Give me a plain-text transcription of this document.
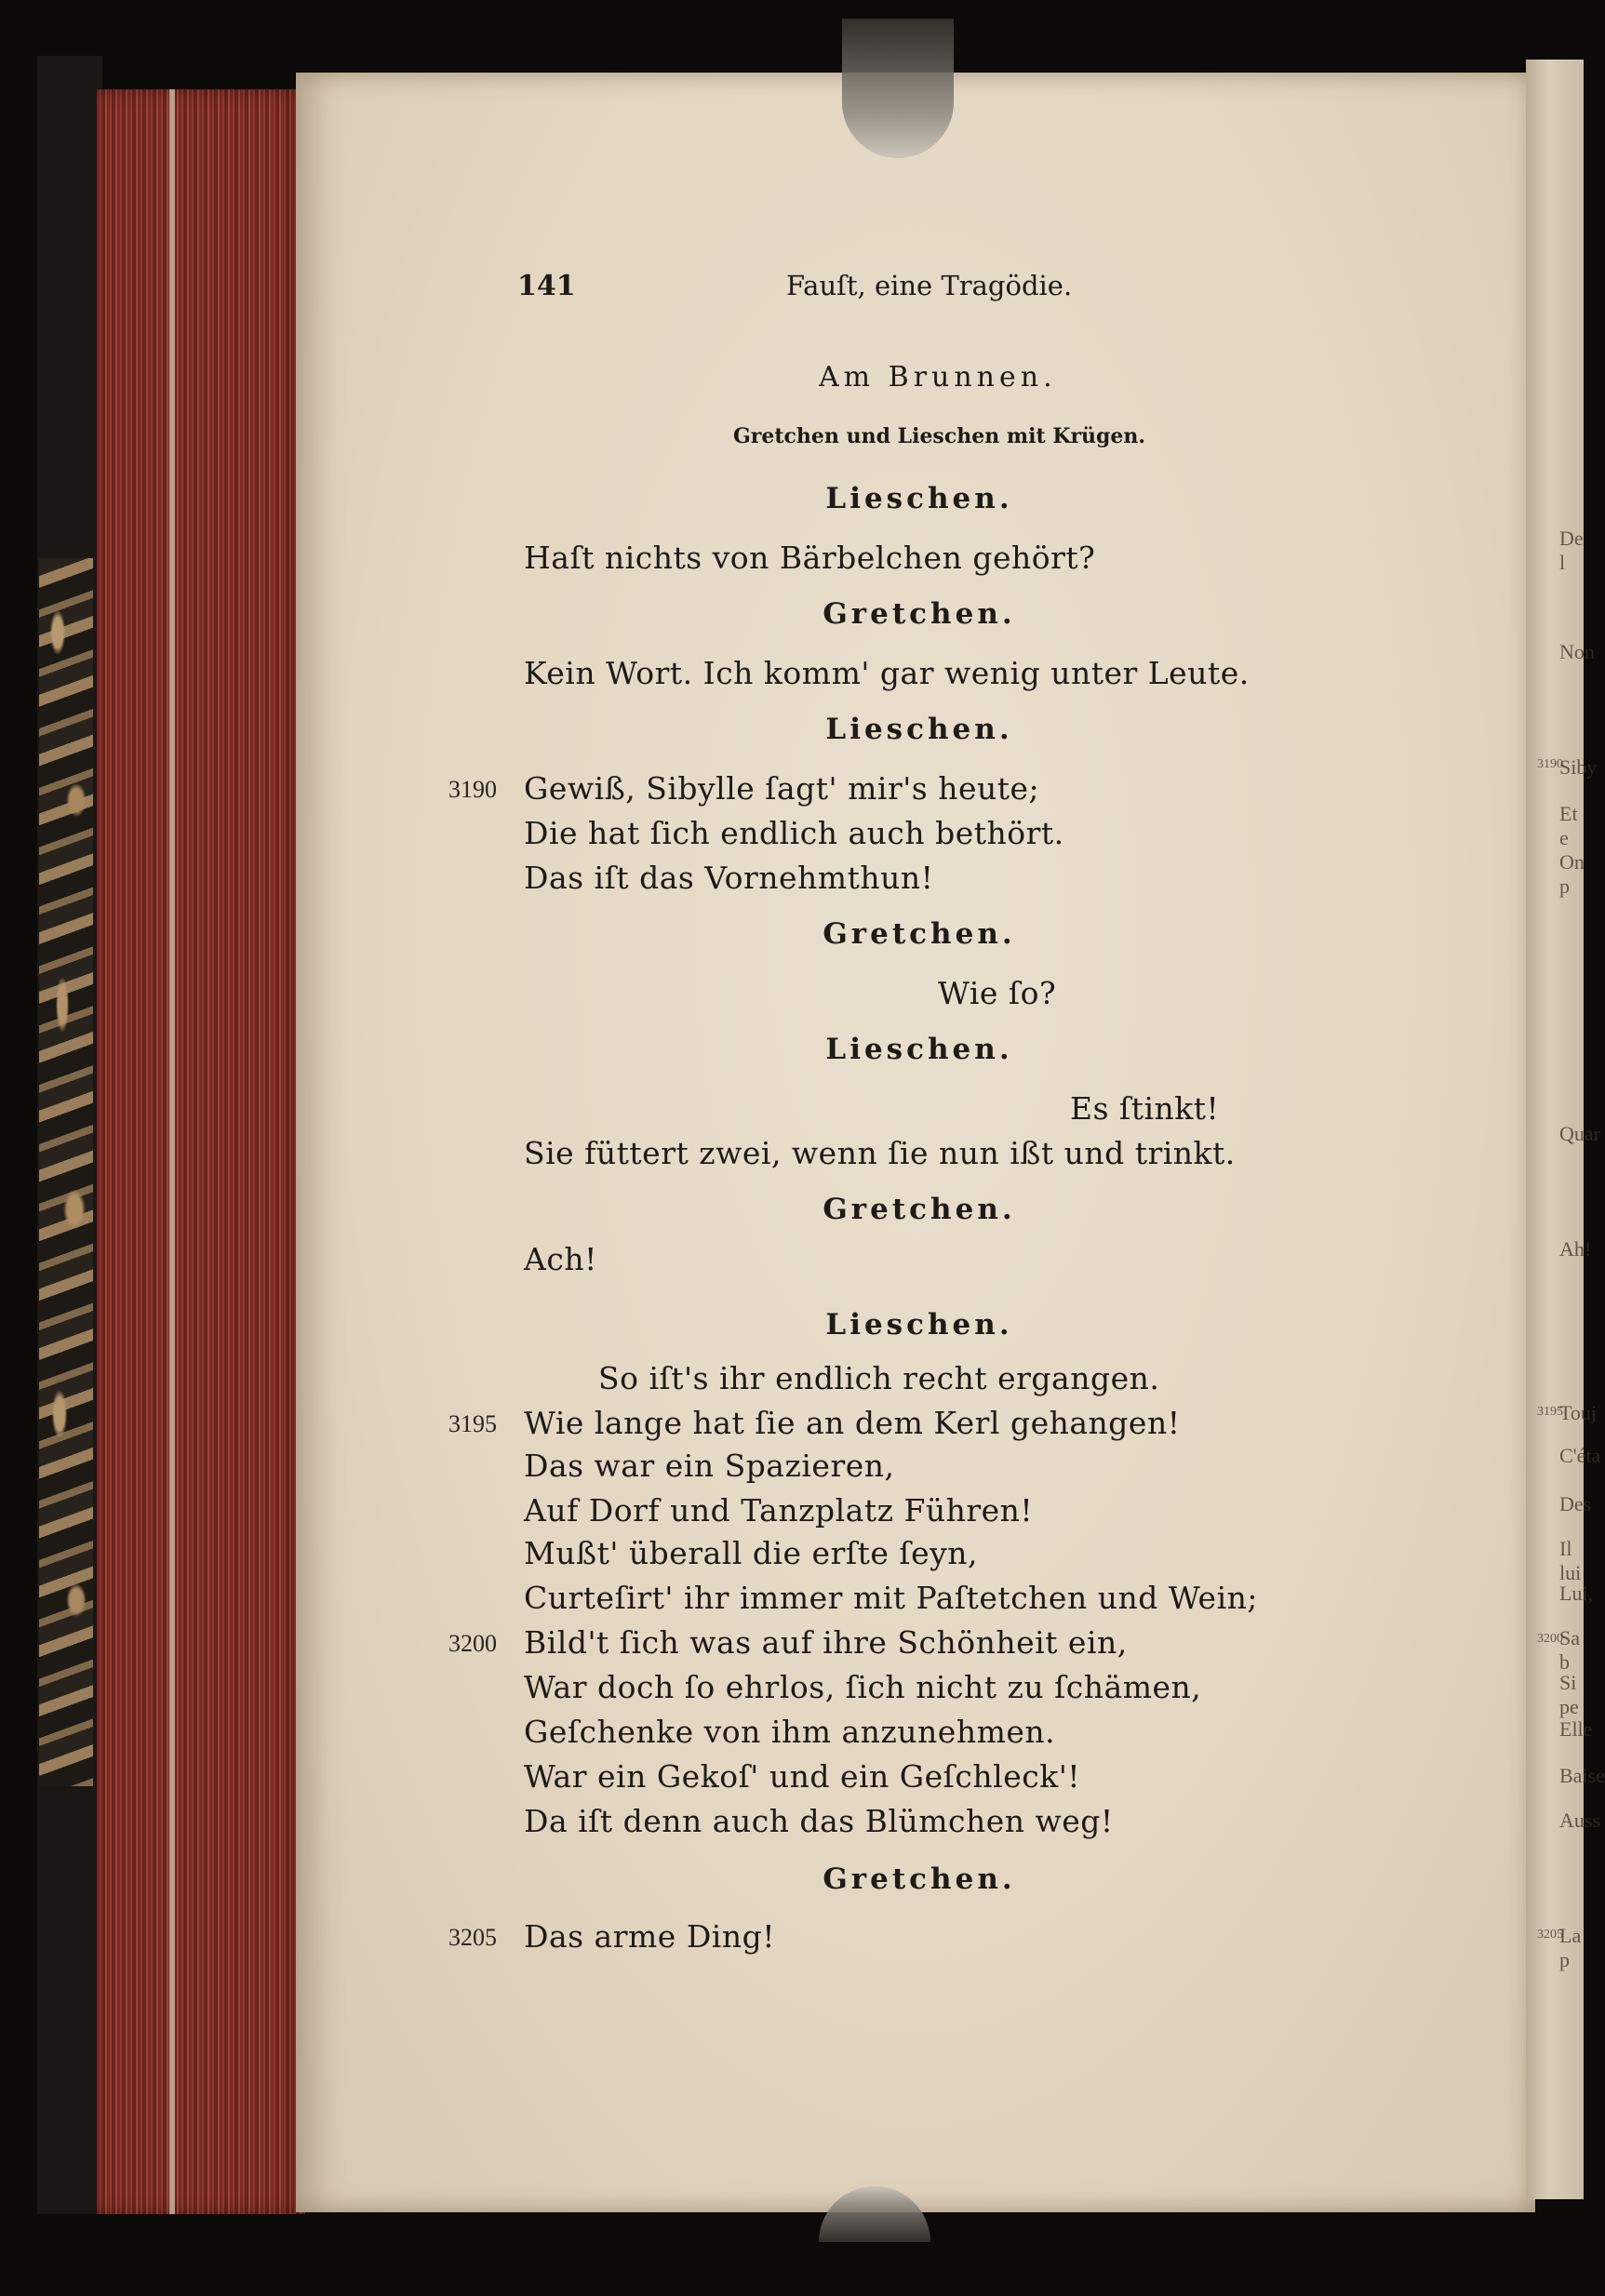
141	Fauſt, eine Tragödie.
Am Brunnen.
Gretchen und Lieschen mit Krügen.
Lieschen.
Haſt nichts von Bärbelchen gehört?
Gretchen.
Kein Wort. Ich komm' gar wenig unter Leute.
Lieschen.
Gewiß, Sibylle ſagt' mir's heute;
3190
Die hat ſich endlich auch bethört.
Das iſt das Vornehmthun!
Gretchen.
Wie ſo?
Lieschen.
Es ſtinkt!
Sie füttert zwei, wenn ſie nun ißt und trinkt.
Gretchen.
Ach!
Lieschen.
So iſt's ihr endlich recht ergangen.
Wie lange hat ſie an dem Kerl gehangen!
3195
Das war ein Spazieren,
Auf Dorf und Tanzplatz Führen!
Mußt' überall die erſte ſeyn,
Curteſirt' ihr immer mit Paſtetchen und Wein;
Bild't ſich was auf ihre Schönheit ein,
3200
War doch ſo ehrlos, ſich nicht zu ſchämen,
Geſchenke von ihm anzunehmen.
War ein Gekoſ' und ein Geſchleck'!
Da iſt denn auch das Blümchen weg!
Gretchen.
Das arme Ding!
3205
De l
Non
3190
Siby
Et e
On p
Quar
Ah!
3195
Touj
C'éta
Des
Il lui
Lui,
3200
Sa b
Si pe
Elle
Baise
Auss
3205
La p
